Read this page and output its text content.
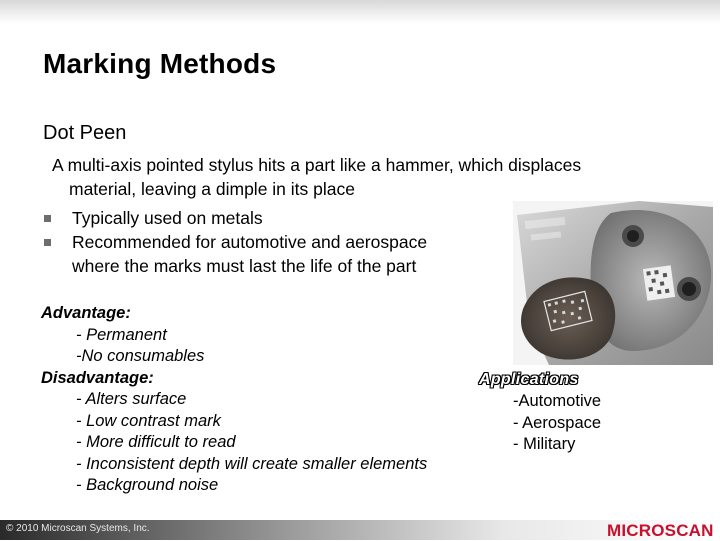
Marking Methods
Dot Peen
A multi-axis pointed stylus hits a part like a hammer, which displaces
material, leaving a dimple in its place
Typically used on metals
Recommended for automotive and aerospace
where the marks must last the life of the part
Advantage:
- Permanent
-No consumables
Disadvantage:
- Alters surface
- Low contrast mark
- More difficult to read
- Inconsistent depth will create smaller elements
- Background noise
Applications
-Automotive
- Aerospace
- Military
© 2010 Microscan Systems, Inc.	MICROSCAN
